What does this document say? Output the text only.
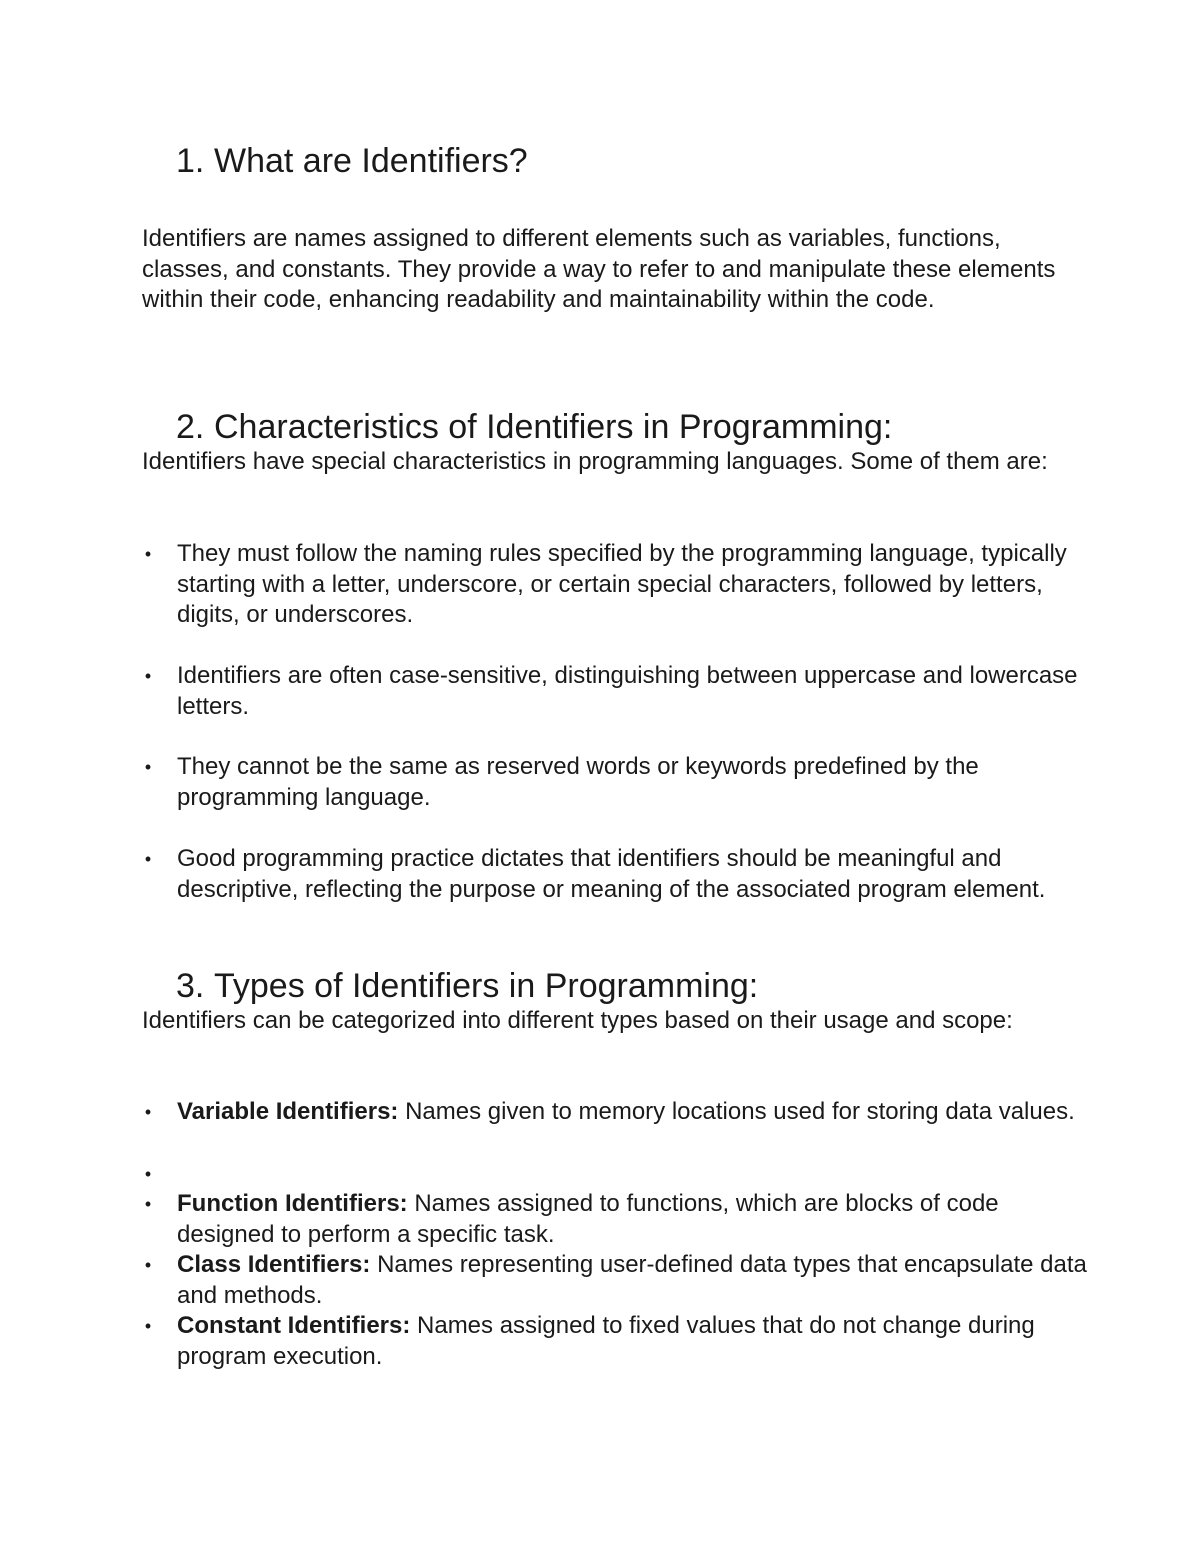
1. What are Identifiers?

Identifiers are names assigned to different elements such as variables, functions, classes, and constants. They provide a way to refer to and manipulate these elements within their code, enhancing readability and maintainability within the code.

2. Characteristics of Identifiers in Programming:

Identifiers have special characteristics in programming languages. Some of them are:

• They must follow the naming rules specified by the programming language, typically starting with a letter, underscore, or certain special characters, followed by letters, digits, or underscores.
• Identifiers are often case-sensitive, distinguishing between uppercase and lowercase letters.
• They cannot be the same as reserved words or keywords predefined by the programming language.
• Good programming practice dictates that identifiers should be meaningful and descriptive, reflecting the purpose or meaning of the associated program element.
3. Types of Identifiers in Programming:

Identifiers can be categorized into different types based on their usage and scope:

• Variable Identifiers: Names given to memory locations used for storing data values.
•
• Function Identifiers: Names assigned to functions, which are blocks of code designed to perform a specific task.
• Class Identifiers: Names representing user-defined data types that encapsulate data and methods.
• Constant Identifiers: Names assigned to fixed values that do not change during program execution.
